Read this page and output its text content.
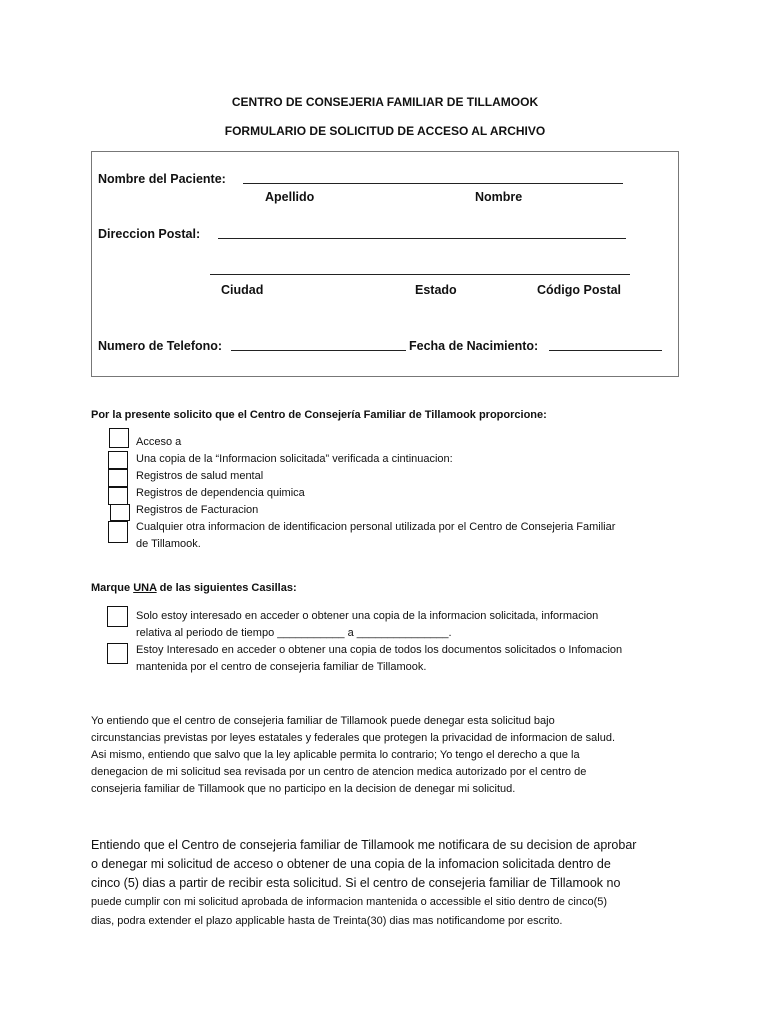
CENTRO DE CONSEJERIA FAMILIAR DE TILLAMOOK
FORMULARIO DE SOLICITUD DE ACCESO AL ARCHIVO
Nombre del Paciente:
Apellido	Nombre
Direccion Postal:
Ciudad	Estado	Código Postal
Numero de Telefono:	Fecha de Nacimiento:
Por la presente solicito que el Centro de Consejería Familiar de Tillamook proporcione:
Acceso a
Una copia de la “Informacion solicitada” verificada a cintinuacion:
Registros de salud mental
Registros de dependencia quimica
Registros de Facturacion
Cualquier otra informacion de identificacion personal utilizada por el Centro de Consejeria Familiar
de Tillamook.
Marque UNA de las siguientes Casillas:
Solo estoy interesado en acceder o obtener una copia de la informacion solicitada, informacion
relativa al periodo de tiempo ___________ a _______________.
Estoy Interesado en acceder o obtener una copia de todos los documentos solicitados o Infomacion
mantenida por el centro de consejeria familiar de Tillamook.
Yo entiendo que el centro de consejeria familiar de Tillamook puede denegar esta solicitud bajo
circunstancias previstas por leyes estatales y federales que protegen la privacidad de informacion de salud.
Asi mismo, entiendo que salvo que la ley aplicable permita lo contrario; Yo tengo el derecho a que la
denegacion de mi solicitud sea revisada por un centro de atencion medica autorizado por el centro de
consejeria familiar de Tillamook que no participo en la decision de denegar mi solicitud.
Entiendo que el Centro de consejeria familiar de Tillamook me notificara de su decision de aprobar
o denegar mi solicitud de acceso o obtener de una copia de la infomacion solicitada dentro de
cinco (5) dias a partir de recibir esta solicitud. Si el centro de consejeria familiar de Tillamook no
puede cumplir con mi solicitud aprobada de informacion mantenida o accessible el sitio dentro de cinco(5)
dias, podra extender el plazo applicable hasta de Treinta(30) dias mas notificandome por escrito.
